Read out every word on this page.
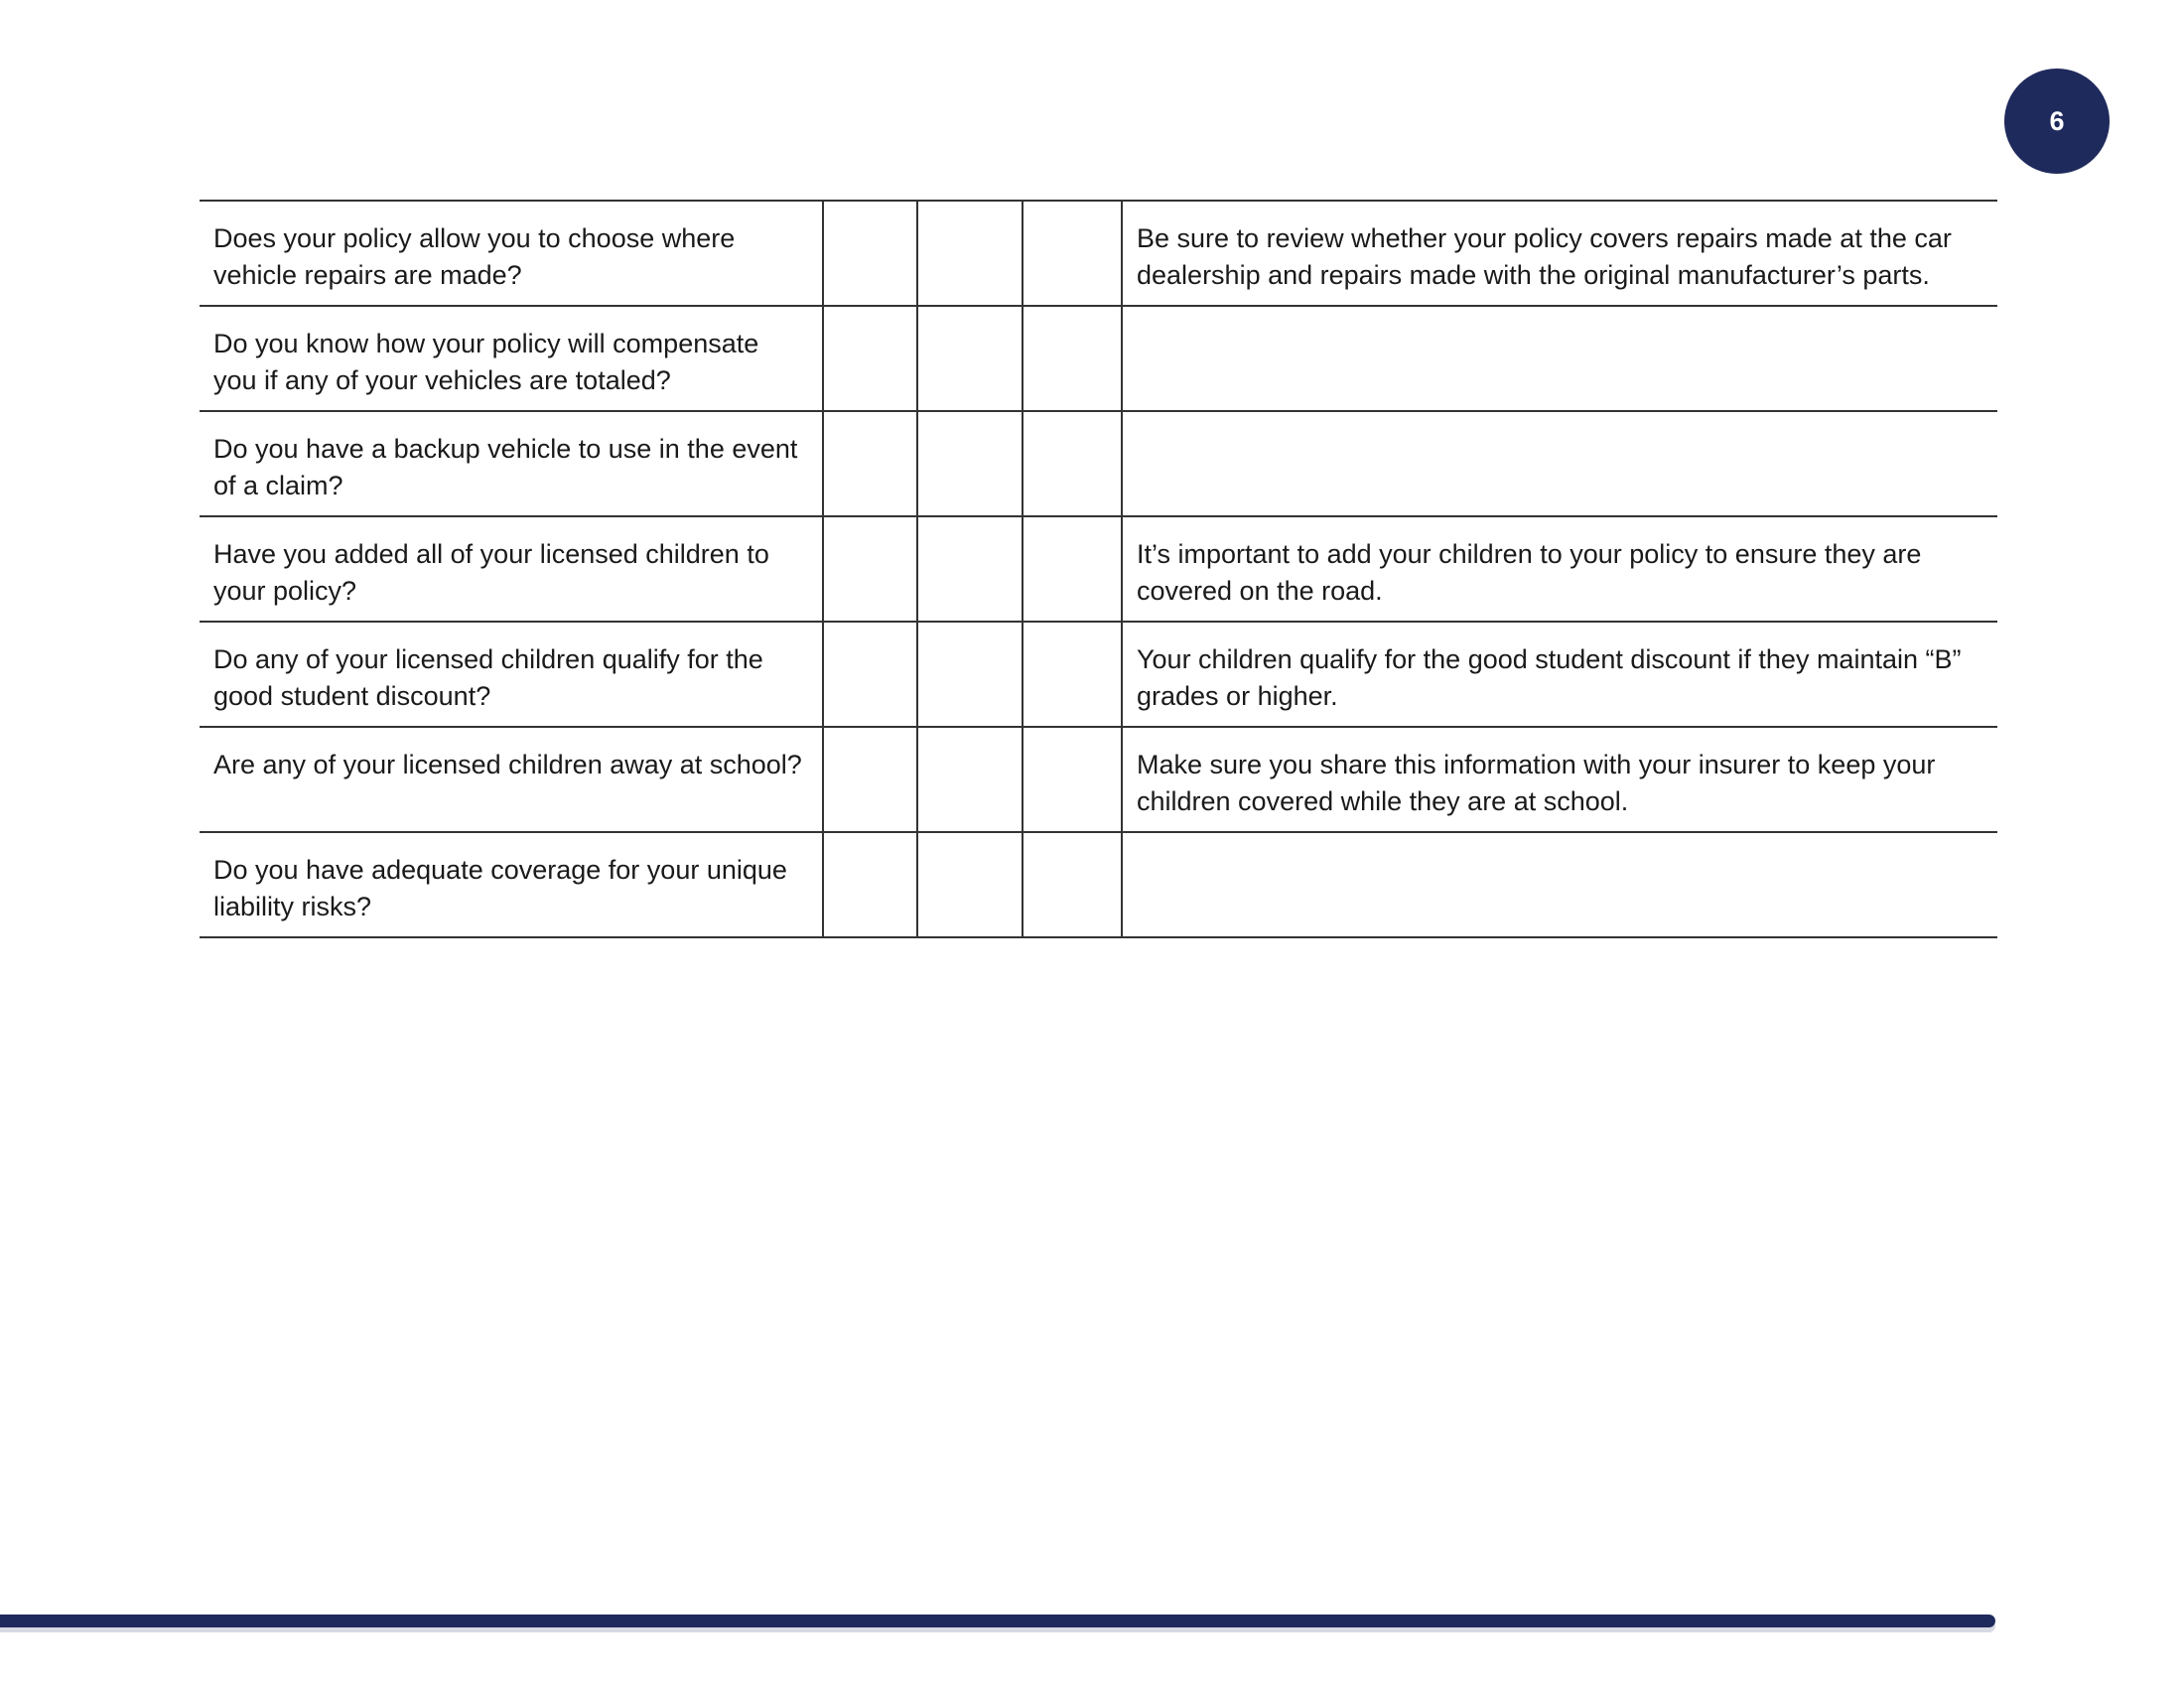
6
Does your policy allow you to choose where vehicle repairs are made?				Be sure to review whether your policy covers repairs made at the car dealership and repairs made with the original manufacturer’s parts.
Do you know how your policy will compensate you if any of your vehicles are totaled?				
Do you have a backup vehicle to use in the event of a claim?				
Have you added all of your licensed children to your policy?				It’s important to add your children to your policy to ensure they are covered on the road.
Do any of your licensed children qualify for the good student discount?				Your children qualify for the good student discount if they maintain “B” grades or higher.
Are any of your licensed children away at school?				Make sure you share this information with your insurer to keep your children covered while they are at school.
Do you have adequate coverage for your unique liability risks?				
